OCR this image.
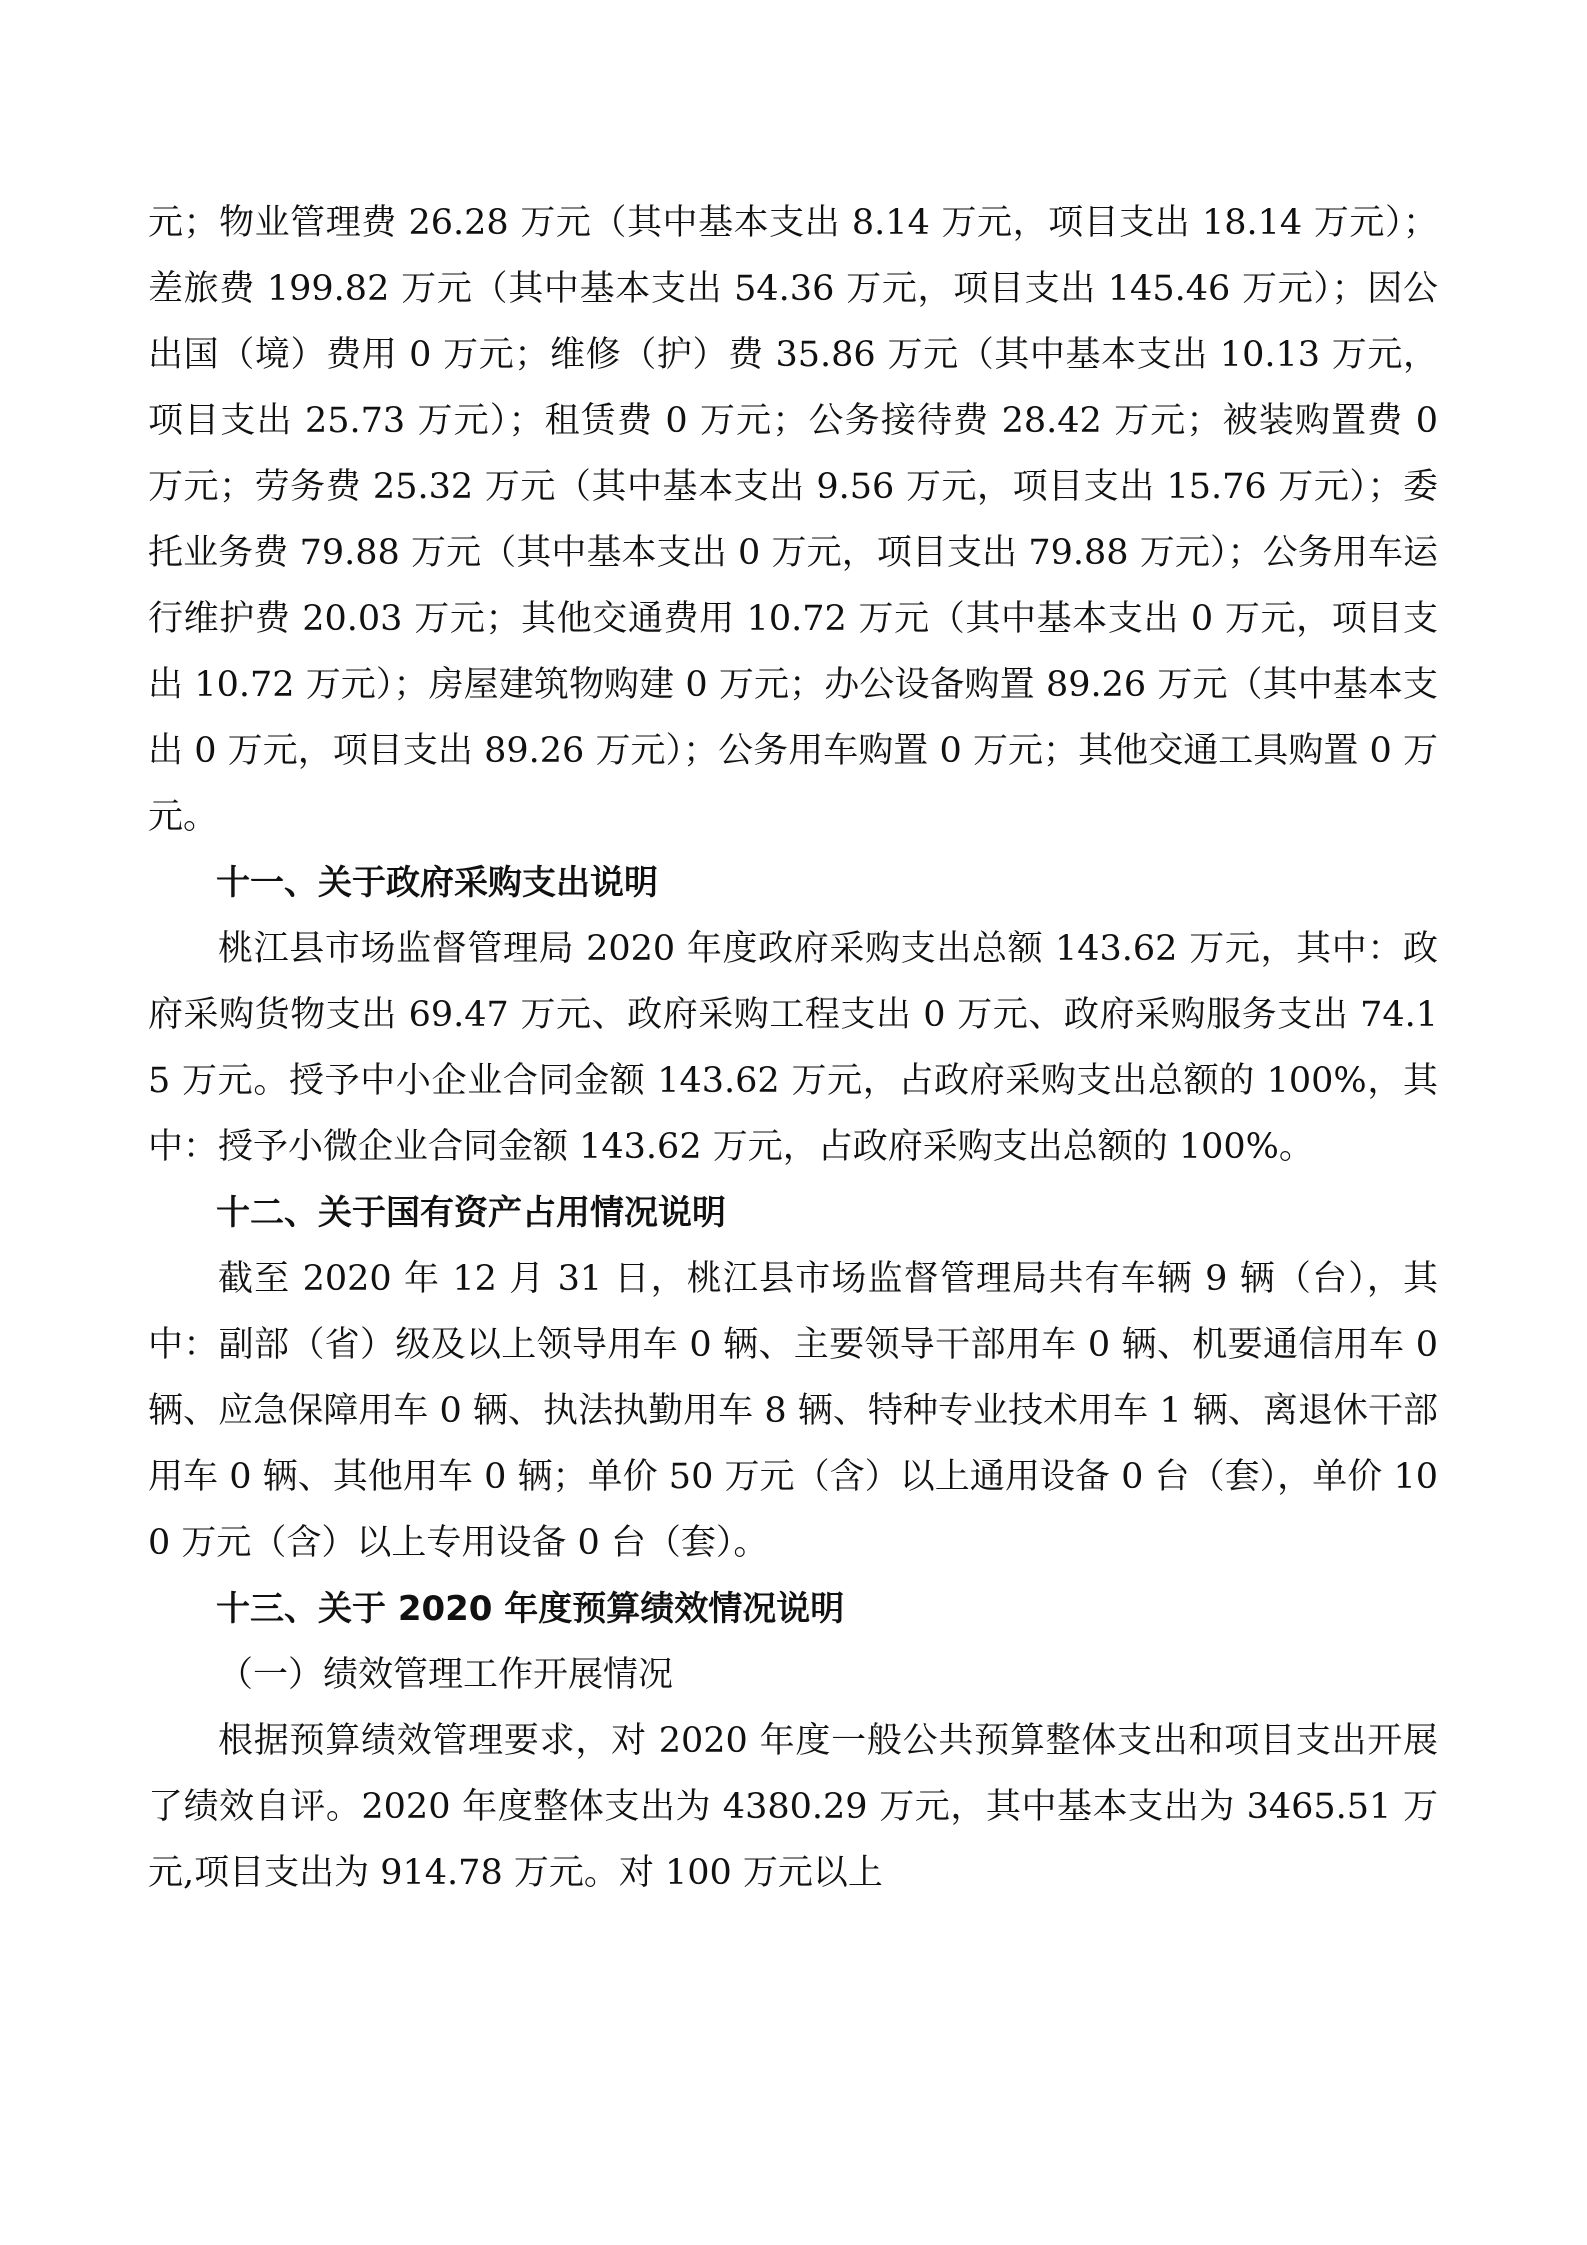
元；物业管理费 26.28 万元（其中基本支出 8.14 万元，项目支出 18.14 万元）；差旅费 199.82 万元（其中基本支出 54.36 万元，项目支出 145.46 万元）；因公出国（境）费用 0 万元；维修（护）费 35.86 万元（其中基本支出 10.13 万元，项目支出 25.73 万元）；租赁费 0 万元；公务接待费 28.42 万元；被装购置费 0 万元；劳务费 25.32 万元（其中基本支出 9.56 万元，项目支出 15.76 万元）；委托业务费 79.88 万元（其中基本支出 0 万元，项目支出 79.88 万元）；公务用车运行维护费 20.03 万元；其他交通费用 10.72 万元（其中基本支出 0 万元，项目支出 10.72 万元）；房屋建筑物购建 0 万元；办公设备购置 89.26 万元（其中基本支出 0 万元，项目支出 89.26 万元）；公务用车购置 0 万元；其他交通工具购置 0 万元。

十一、关于政府采购支出说明

桃江县市场监督管理局 2020 年度政府采购支出总额 143.62 万元，其中：政府采购货物支出 69.47 万元、政府采购工程支出 0 万元、政府采购服务支出 74.15 万元。授予中小企业合同金额 143.62 万元，占政府采购支出总额的 100%，其中：授予小微企业合同金额 143.62 万元，占政府采购支出总额的 100%。

十二、关于国有资产占用情况说明

截至 2020 年 12 月 31 日，桃江县市场监督管理局共有车辆 9 辆（台），其中：副部（省）级及以上领导用车 0 辆、主要领导干部用车 0 辆、机要通信用车 0 辆、应急保障用车 0 辆、执法执勤用车 8 辆、特种专业技术用车 1 辆、离退休干部用车 0 辆、其他用车 0 辆；单价 50 万元（含）以上通用设备 0 台（套），单价 100 万元（含）以上专用设备 0 台（套）。

十三、关于 2020 年度预算绩效情况说明

（一）绩效管理工作开展情况

根据预算绩效管理要求，对 2020 年度一般公共预算整体支出和项目支出开展了绩效自评。2020 年度整体支出为 4380.29 万元，其中基本支出为 3465.51 万元,项目支出为 914.78 万元。对 100 万元以上
